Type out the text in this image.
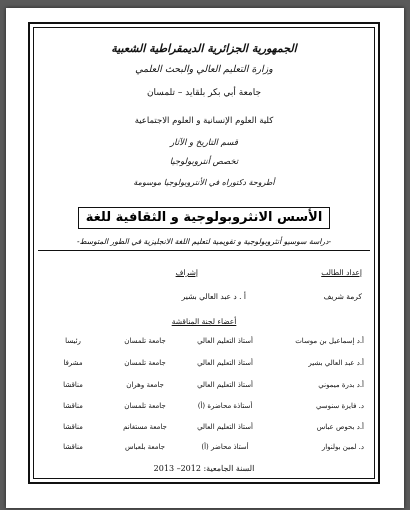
الجمهورية الجزائرية الديمقراطية الشعبية
وزارة التعليم العالي والبحث العلمي
جامعة أبي بكر بلقايد – تلمسان
كلية العلوم الإنسانية و العلوم الاجتماعية
قسم التاريخ و الآثار
تخصص أنتروبولوجيا
أطروحة دكتوراه في الأنتروبولوجيا موسومة
الأسس الانثروبولوجية و الثقافية للغة
-دراسة سوسيو أنثروبولوجية و تقويمية لتعليم اللغة الانجليزية في الطور المتوسط-
إعداد الطالب
إشراف
كرمة شريف
أ . د عبد العالي بشير
أعضاء لجنة المناقشة
أ.د إسماعيل بن موسات
أستاذ التعليم العالي
جامعة تلمسان
رئيسا
أ.د عبد العالي بشير
أستاذ التعليم العالي
جامعة تلمسان
مشرفا
أ.د بدرة ميموني
أستاذ التعليم العالي
جامعة وهران
مناقشا
د. فايزة سنوسي
أستاذة محاضرة (أ)
جامعة تلمسان
مناقشا
أ.د بحوص عباس
أستاذ التعليم العالي
جامعة مستغانم
مناقشا
د. لمين بولنوار
أستاذ محاضر (أ)
جامعة بلعباس
مناقشا
السنة الجامعية: 2012– 2013
